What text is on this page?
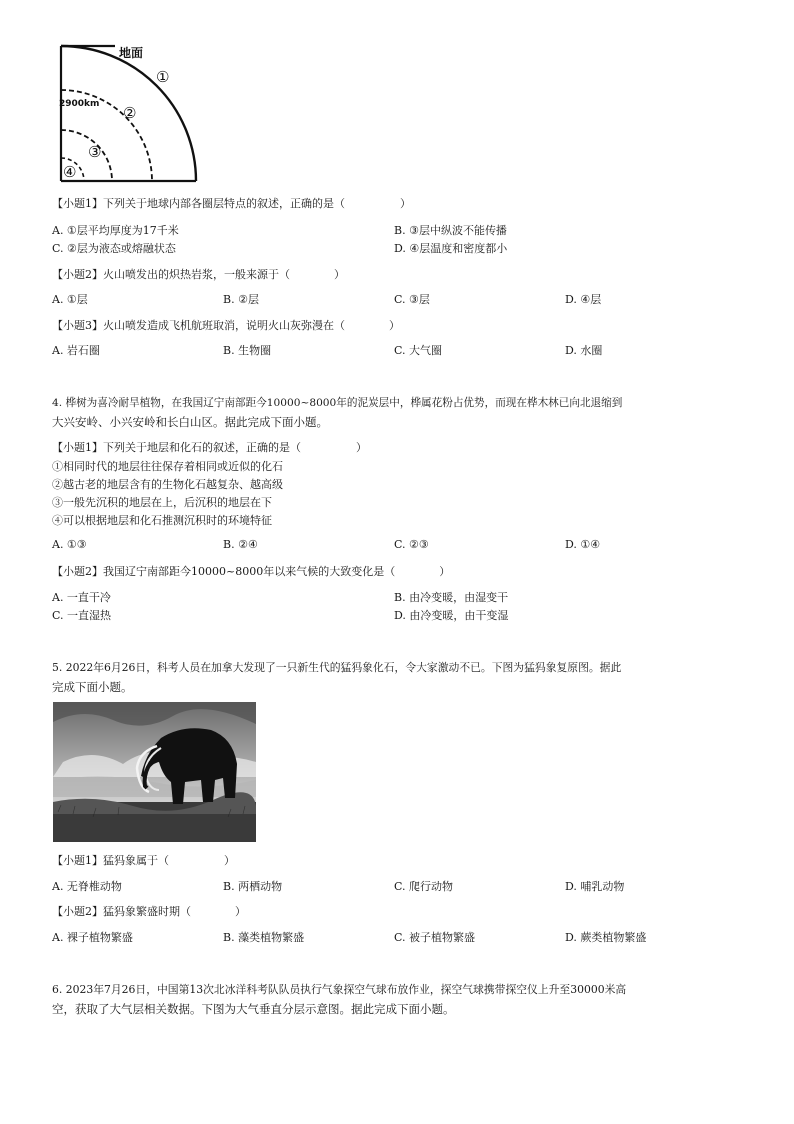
地面
2900km
①
②
③
④
【小题1】下列关于地球内部各圈层特点的叙述，正确的是（　　　　　）
A. ①层平均厚度为17千米	B. ③层中纵波不能传播
C. ②层为液态或熔融状态	D. ④层温度和密度都小
【小题2】火山喷发出的炽热岩浆，一般来源于（　　　　）
A. ①层	B. ②层	C. ③层	D. ④层
【小题3】火山喷发造成飞机航班取消，说明火山灰弥漫在（　　　　）
A. 岩石圈	B. 生物圈	C. 大气圈	D. 水圈
4. 桦树为喜冷耐旱植物，在我国辽宁南部距今10000~8000年的泥炭层中，桦属花粉占优势，而现在桦木林已向北退缩到
大兴安岭、小兴安岭和长白山区。据此完成下面小题。
【小题1】下列关于地层和化石的叙述，正确的是（　　　　　）
①相同时代的地层往往保存着相同或近似的化石
②越古老的地层含有的生物化石越复杂、越高级
③一般先沉积的地层在上，后沉积的地层在下
④可以根据地层和化石推测沉积时的环境特征
A. ①③	B. ②④	C. ②③	D. ①④
【小题2】我国辽宁南部距今10000~8000年以来气候的大致变化是（　　　　）
A. 一直干冷	B. 由冷变暖，由湿变干
C. 一直湿热	D. 由冷变暖，由干变湿
5. 2022年6月26日，科考人员在加拿大发现了一只新生代的猛犸象化石，令大家激动不已。下图为猛犸象复原图。据此
完成下面小题。
【小题1】猛犸象属于（　　　　　）
A. 无脊椎动物	B. 两栖动物	C. 爬行动物	D. 哺乳动物
【小题2】猛犸象繁盛时期（　　　　）
A. 裸子植物繁盛	B. 藻类植物繁盛	C. 被子植物繁盛	D. 蕨类植物繁盛
6. 2023年7月26日，中国第13次北冰洋科考队队员执行气象探空气球布放作业，探空气球携带探空仪上升至30000米高
空，获取了大气层相关数据。下图为大气垂直分层示意图。据此完成下面小题。
